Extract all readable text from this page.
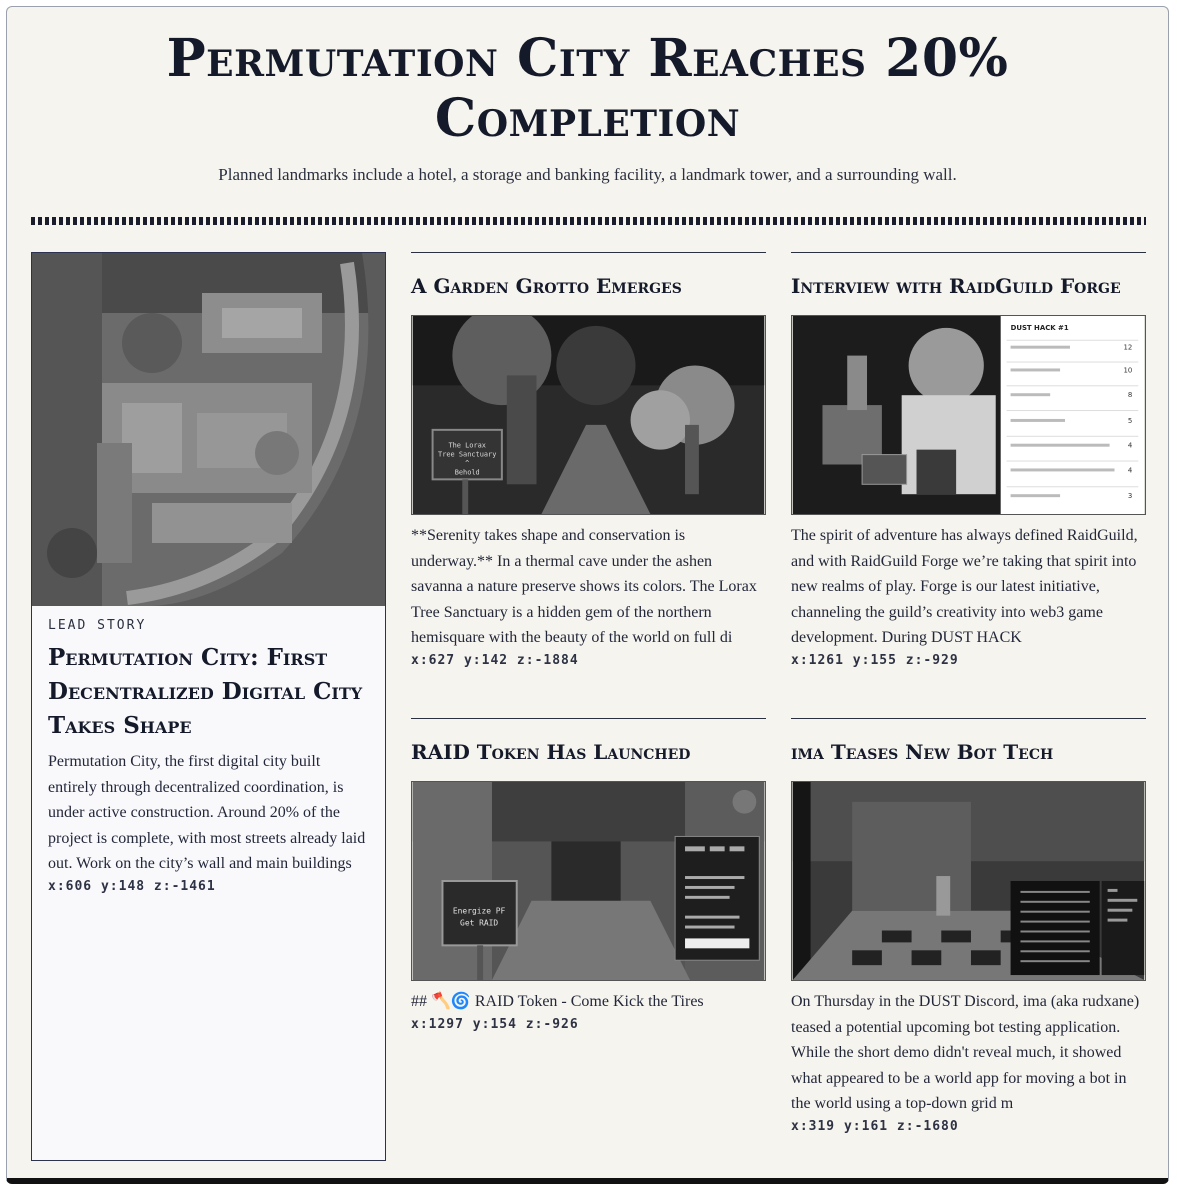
Permutation City Reaches 20% Completion
Planned landmarks include a hotel, a storage and banking facility, a landmark tower, and a surrounding wall.
LEAD STORY
Permutation City: First Decentralized Digital City Takes Shape

Permutation City, the first digital city built entirely through decentralized coordination, is under active construction. Around 20% of the project is complete, with most streets already laid out. Work on the city’s wall and main buildings

x:606 y:148 z:-1461
A Garden Grotto Emerges
The Lorax
Tree Sanctuary
^
Behold

**Serenity takes shape and conservation is underway.** In a thermal cave under the ashen savanna a nature preserve shows its colors. The Lorax Tree Sanctuary is a hidden gem of the northern hemisquare with the beauty of the world on full di

x:627 y:142 z:-1884
Interview with RaidGuild Forge
DUST HACK #1
12
10
8
5
4
4
3

The spirit of adventure has always defined RaidGuild, and with RaidGuild Forge we’re taking that spirit into new realms of play. Forge is our latest initiative, channeling the guild’s creativity into web3 game development. During DUST HACK

x:1261 y:155 z:-929
RAID Token Has Launched
Energize PF
Get RAID

## 🪓🌀 RAID Token - Come Kick the Tires

x:1297 y:154 z:-926
ima Teases New Bot Tech

On Thursday in the DUST Discord, ima (aka rudxane) teased a potential upcoming bot testing application. While the short demo didn't reveal much, it showed what appeared to be a world app for moving a bot in the world using a top-down grid m

x:319 y:161 z:-1680
